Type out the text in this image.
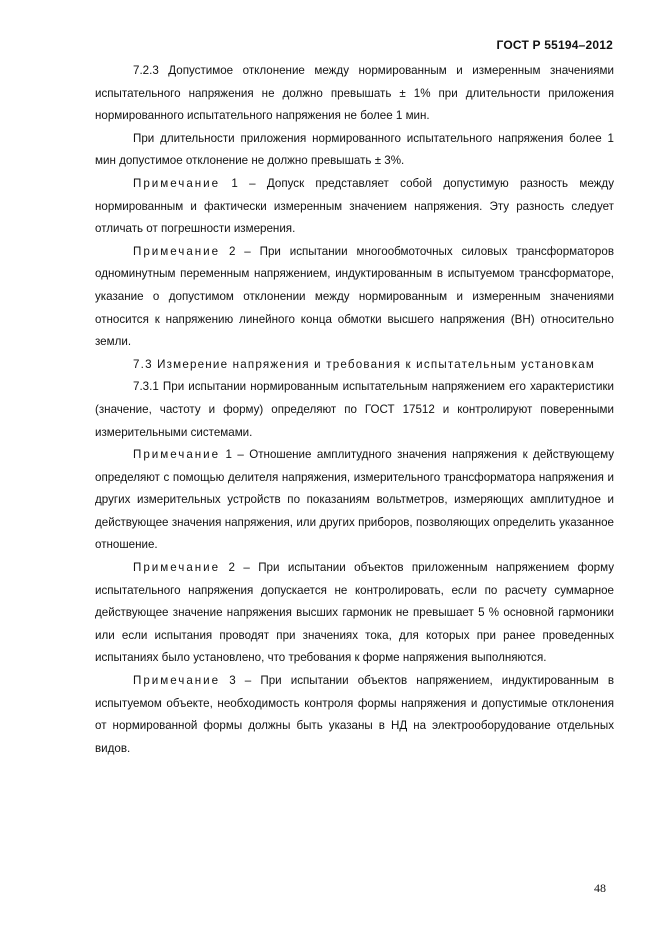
ГОСТ Р 55194–2012

7.2.3 Допустимое отклонение между нормированным и измеренным значениями испытательного напряжения не должно превышать ± 1% при длительности приложения нормированного испытательного напряжения не более 1 мин.

При длительности приложения нормированного испытательного напряжения более 1 мин допустимое отклонение не должно превышать ± 3%.

Примечание 1 – Допуск представляет собой допустимую разность между нормированным и фактически измеренным значением напряжения. Эту разность следует отличать от погрешности измерения.

Примечание 2 – При испытании многообмоточных силовых трансформаторов одноминутным переменным напряжением, индуктированным в испытуемом трансформаторе, указание о допустимом отклонении между нормированным и измеренным значениями относится к напряжению линейного конца обмотки высшего напряжения (ВН) относительно земли.

7.3 Измерение напряжения и требования к испытательным установкам

7.3.1 При испытании нормированным испытательным напряжением его характеристики (значение, частоту и форму) определяют по ГОСТ 17512 и контролируют поверенными измерительными системами.

Примечание 1 – Отношение амплитудного значения напряжения к действующему определяют с помощью делителя напряжения, измерительного трансформатора напряжения и других измерительных устройств по показаниям вольтметров, измеряющих амплитудное и действующее значения напряжения, или других приборов, позволяющих определить указанное отношение.

Примечание 2 – При испытании объектов приложенным напряжением форму испытательного напряжения допускается не контролировать, если по расчету суммарное действующее значение напряжения высших гармоник не превышает 5 % основной гармоники или если испытания проводят при значениях тока, для которых при ранее проведенных испытаниях было установлено, что требования к форме напряжения выполняются.

Примечание 3 – При испытании объектов напряжением, индуктированным в испытуемом объекте, необходимость контроля формы напряжения и допустимые отклонения от нормированной формы должны быть указаны в НД на электрооборудование отдельных видов.

48
